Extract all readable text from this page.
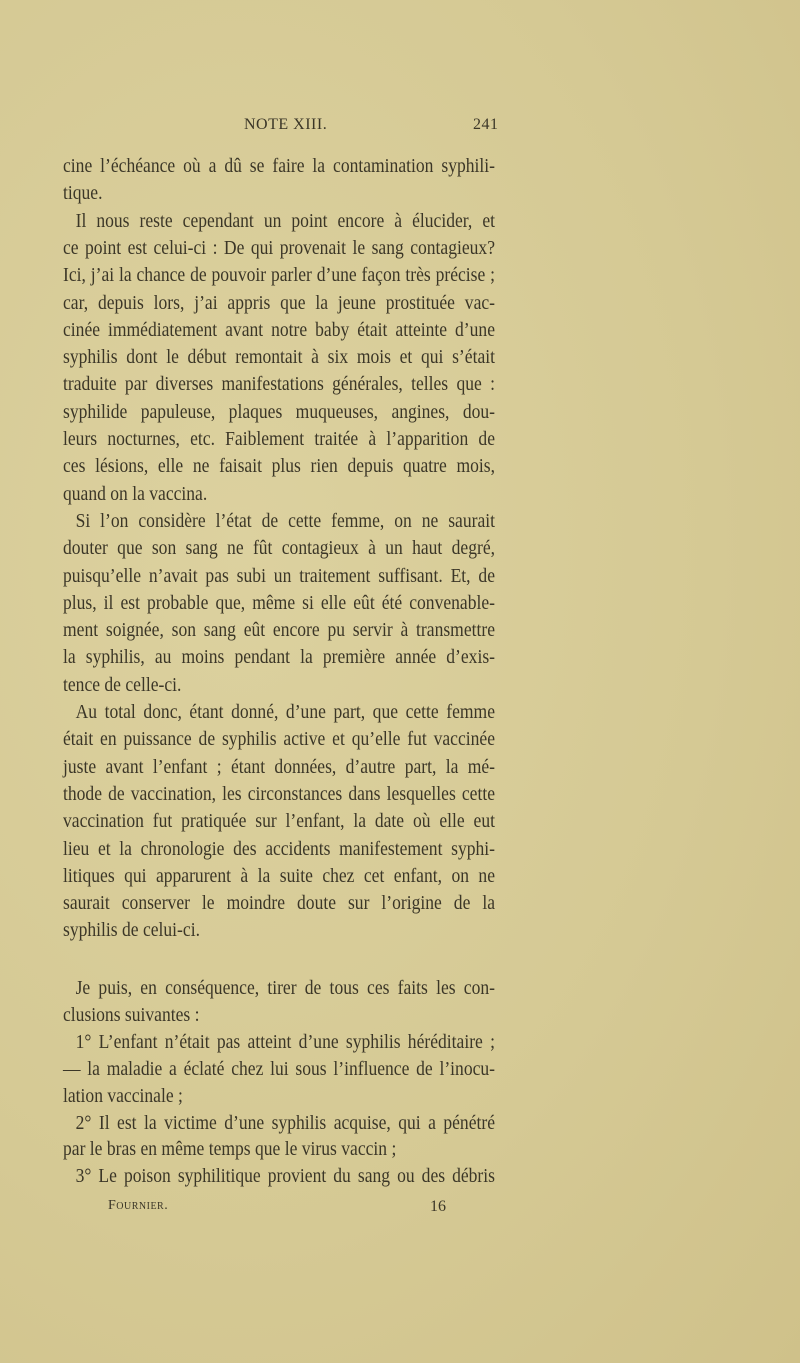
NOTE XIII.	241
cine l’échéance où a dû se faire la contamination syphili-
tique.
Il nous reste cependant un point encore à élucider, et
ce point est celui-ci : De qui provenait le sang contagieux?
Ici, j’ai la chance de pouvoir parler d’une façon très précise ;
car, depuis lors, j’ai appris que la jeune prostituée vac-
cinée immédiatement avant notre baby était atteinte d’une
syphilis dont le début remontait à six mois et qui s’était
traduite par diverses manifestations générales, telles que :
syphilide papuleuse, plaques muqueuses, angines, dou-
leurs nocturnes, etc. Faiblement traitée à l’apparition de
ces lésions, elle ne faisait plus rien depuis quatre mois,
quand on la vaccina.
Si l’on considère l’état de cette femme, on ne saurait
douter que son sang ne fût contagieux à un haut degré,
puisqu’elle n’avait pas subi un traitement suffisant. Et, de
plus, il est probable que, même si elle eût été convenable-
ment soignée, son sang eût encore pu servir à transmettre
la syphilis, au moins pendant la première année d’exis-
tence de celle-ci.
Au total donc, étant donné, d’une part, que cette femme
était en puissance de syphilis active et qu’elle fut vaccinée
juste avant l’enfant ; étant données, d’autre part, la mé-
thode de vaccination, les circonstances dans lesquelles cette
vaccination fut pratiquée sur l’enfant, la date où elle eut
lieu et la chronologie des accidents manifestement syphi-
litiques qui apparurent à la suite chez cet enfant, on ne
saurait conserver le moindre doute sur l’origine de la
syphilis de celui-ci.
Je puis, en conséquence, tirer de tous ces faits les con-
clusions suivantes :
1° L’enfant n’était pas atteint d’une syphilis héréditaire ;
— la maladie a éclaté chez lui sous l’influence de l’inocu-
lation vaccinale ;
2° Il est la victime d’une syphilis acquise, qui a pénétré
par le bras en même temps que le virus vaccin ;
3° Le poison syphilitique provient du sang ou des débris
Fournier.	16
